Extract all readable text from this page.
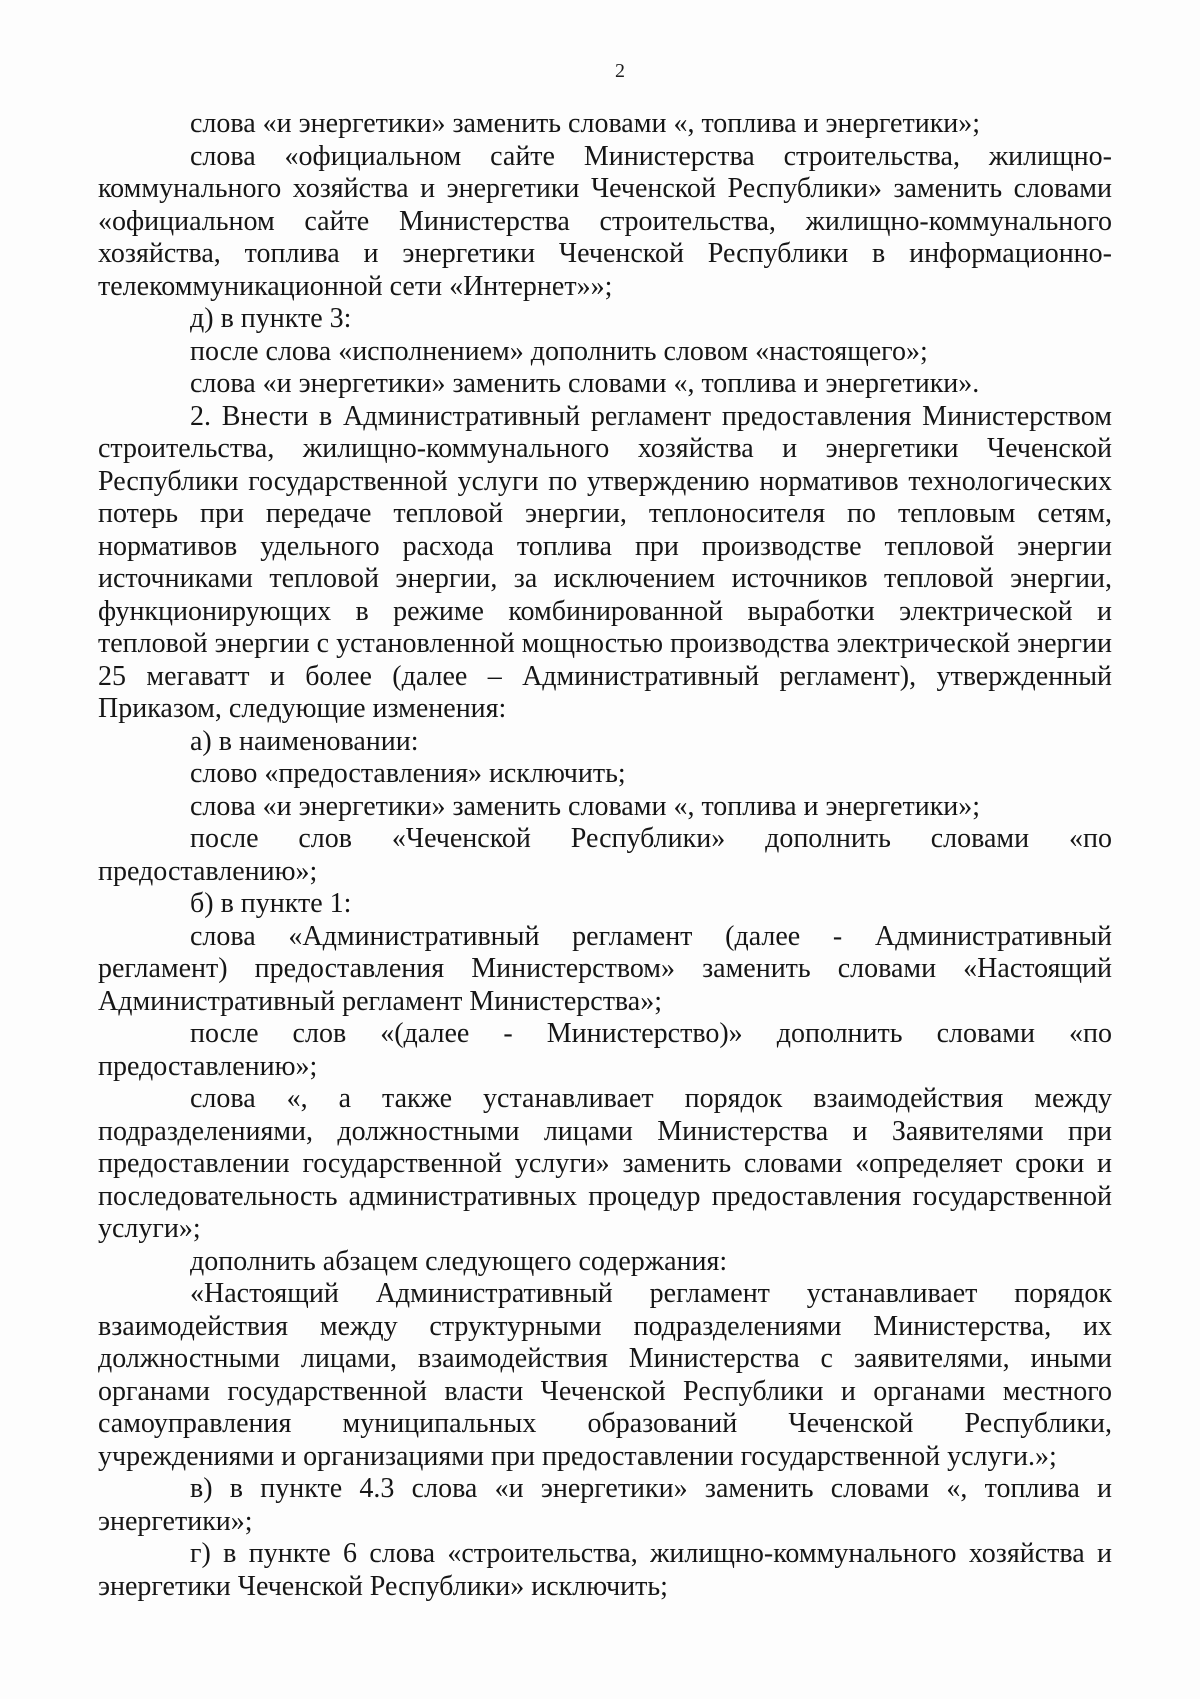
2

слова «и энергетики» заменить словами «, топлива и энергетики»;

слова «официальном сайте Министерства строительства, жилищно-коммунального хозяйства и энергетики Чеченской Республики» заменить словами «официальном сайте Министерства строительства, жилищно-коммунального хозяйства, топлива и энергетики Чеченской Республики в информационно-телекоммуникационной сети «Интернет»»;

д) в пункте 3:

после слова «исполнением» дополнить словом «настоящего»;

слова «и энергетики» заменить словами «, топлива и энергетики».

2. Внести в Административный регламент предоставления Министерством строительства, жилищно-коммунального хозяйства и энергетики Чеченской Республики государственной услуги по утверждению нормативов технологических потерь при передаче тепловой энергии, теплоносителя по тепловым сетям, нормативов удельного расхода топлива при производстве тепловой энергии источниками тепловой энергии, за исключением источников тепловой энергии, функционирующих в режиме комбинированной выработки электрической и тепловой энергии с установленной мощностью производства электрической энергии 25 мегаватт и более (далее – Административный регламент), утвержденный Приказом, следующие изменения:

а) в наименовании:

слово «предоставления» исключить;

слова «и энергетики» заменить словами «, топлива и энергетики»;

после слов «Чеченской Республики» дополнить словами «по предоставлению»;

б) в пункте 1:

слова «Административный регламент (далее - Административный регламент) предоставления Министерством» заменить словами «Настоящий Административный регламент Министерства»;

после слов «(далее - Министерство)» дополнить словами «по предоставлению»;

слова «, а также устанавливает порядок взаимодействия между подразделениями, должностными лицами Министерства и Заявителями при предоставлении государственной услуги» заменить словами «определяет сроки и последовательность административных процедур предоставления государственной услуги»;

дополнить абзацем следующего содержания:

«Настоящий Административный регламент устанавливает порядок взаимодействия между структурными подразделениями Министерства, их должностными лицами, взаимодействия Министерства с заявителями, иными органами государственной власти Чеченской Республики и органами местного самоуправления муниципальных образований Чеченской Республики, учреждениями и организациями при предоставлении государственной услуги.»;

в) в пункте 4.3 слова «и энергетики» заменить словами «, топлива и энергетики»;

г) в пункте 6 слова «строительства, жилищно-коммунального хозяйства и энергетики Чеченской Республики» исключить;
